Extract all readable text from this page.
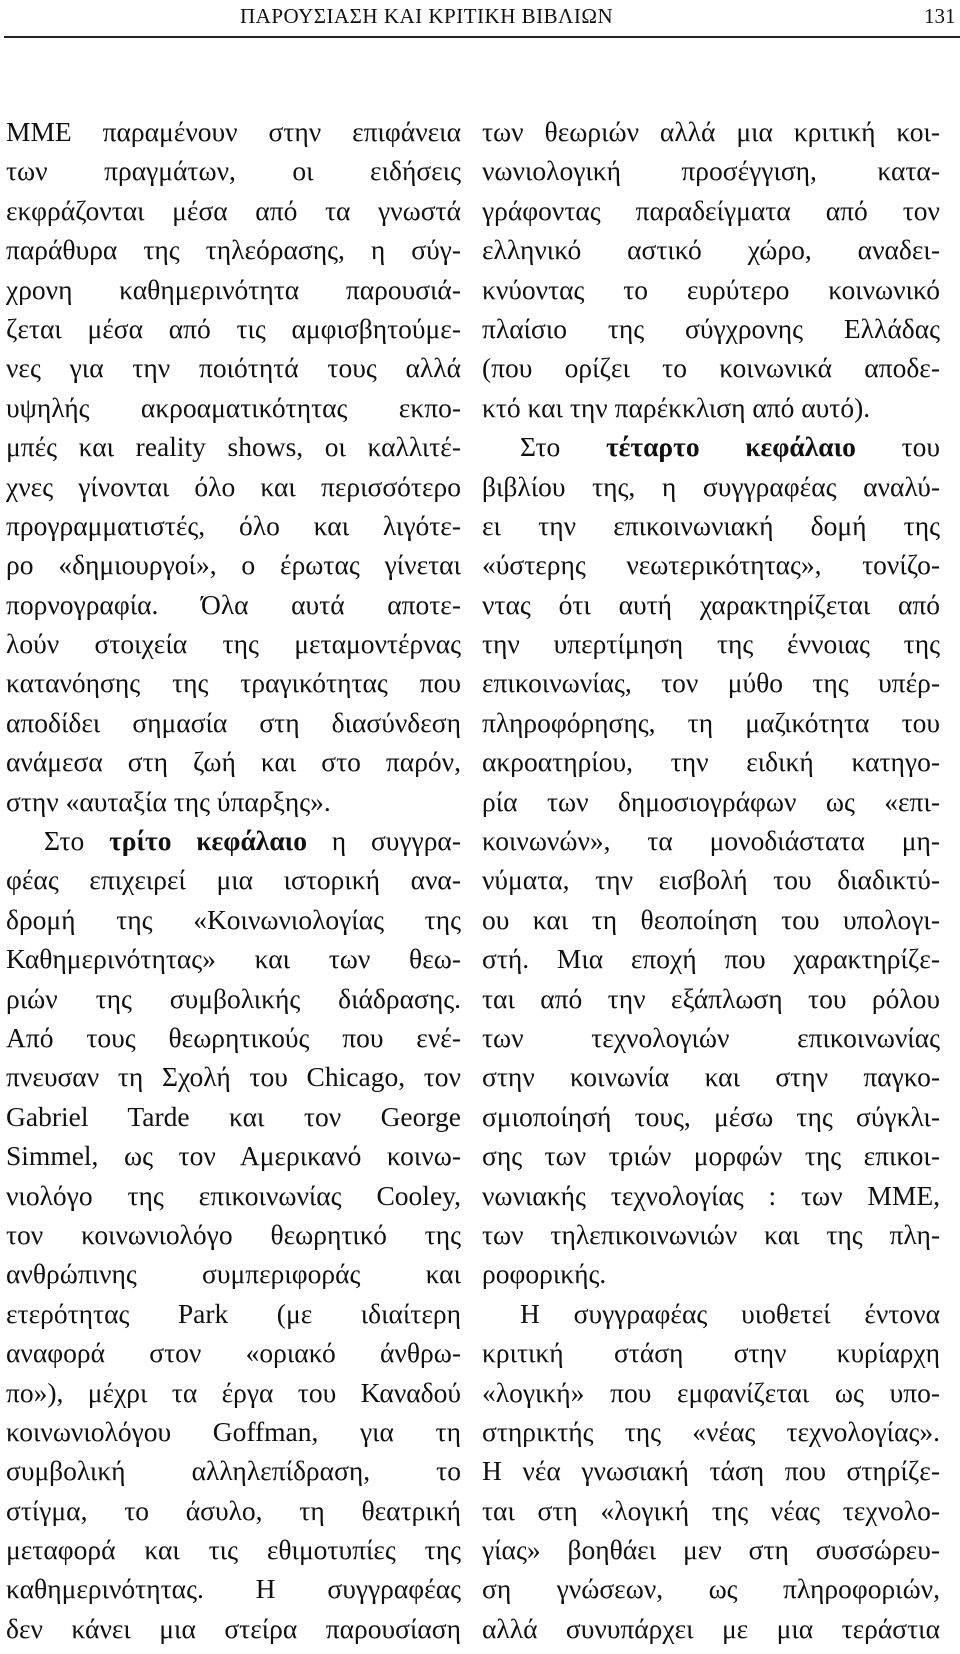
ΠΑΡΟΥΣΙΑΣΗ ΚΑΙ ΚΡΙΤΙΚΗ ΒΙΒΛΙΩΝ	131
ΜΜΕ παραμένουν στην επιφάνεια
των πραγμάτων, οι ειδήσεις
εκφράζονται μέσα από τα γνωστά
παράθυρα της τηλεόρασης, η σύγ-
χρονη καθημερινότητα παρουσιά-
ζεται μέσα από τις αμφισβητούμε-
νες για την ποιότητά τους αλλά
υψηλής ακροαματικότητας εκπο-
μπές και reality shows, οι καλλιτέ-
χνες γίνονται όλο και περισσότερο
προγραμματιστές, όλο και λιγότε-
ρο «δημιουργοί», ο έρωτας γίνεται
πορνογραφία. Όλα αυτά αποτε-
λούν στοιχεία της μεταμοντέρνας
κατανόησης της τραγικότητας που
αποδίδει σημασία στη διασύνδεση
ανάμεσα στη ζωή και στο παρόν,
στην «αυταξία της ύπαρξης».
Στο τρίτο κεφάλαιο η συγγρα-
φέας επιχειρεί μια ιστορική ανα-
δρομή της «Κοινωνιολογίας της
Καθημερινότητας» και των θεω-
ριών της συμβολικής διάδρασης.
Από τους θεωρητικούς που ενέ-
πνευσαν τη Σχολή του Chicago, τον
Gabriel Tarde και τον George
Simmel, ως τον Αμερικανό κοινω-
νιολόγο της επικοινωνίας Cooley,
τον κοινωνιολόγο θεωρητικό της
ανθρώπινης συμπεριφοράς και
ετερότητας Park (με ιδιαίτερη
αναφορά στον «οριακό άνθρω-
πο»), μέχρι τα έργα του Καναδού
κοινωνιολόγου Goffman, για τη
συμβολική αλληλεπίδραση, το
στίγμα, το άσυλο, τη θεατρική
μεταφορά και τις εθιμοτυπίες της
καθημερινότητας. Η συγγραφέας
δεν κάνει μια στείρα παρουσίαση
των θεωριών αλλά μια κριτική κοι-
νωνιολογική προσέγγιση, κατα-
γράφοντας παραδείγματα από τον
ελληνικό αστικό χώρο, αναδει-
κνύοντας το ευρύτερο κοινωνικό
πλαίσιο της σύγχρονης Ελλάδας
(που ορίζει το κοινωνικά αποδε-
κτό και την παρέκκλιση από αυτό).
Στο τέταρτο κεφάλαιο του
βιβλίου της, η συγγραφέας αναλύ-
ει την επικοινωνιακή δομή της
«ύστερης νεωτερικότητας», τονίζο-
ντας ότι αυτή χαρακτηρίζεται από
την υπερτίμηση της έννοιας της
επικοινωνίας, τον μύθο της υπέρ-
πληροφόρησης, τη μαζικότητα του
ακροατηρίου, την ειδική κατηγο-
ρία των δημοσιογράφων ως «επι-
κοινωνών», τα μονοδιάστατα μη-
νύματα, την εισβολή του διαδικτύ-
ου και τη θεοποίηση του υπολογι-
στή. Μια εποχή που χαρακτηρίζε-
ται από την εξάπλωση του ρόλου
των τεχνολογιών επικοινωνίας
στην κοινωνία και στην παγκο-
σμιοποίησή τους, μέσω της σύγκλι-
σης των τριών μορφών της επικοι-
νωνιακής τεχνολογίας : των ΜΜΕ,
των τηλεπικοινωνιών και της πλη-
ροφορικής.
Η συγγραφέας υιοθετεί έντονα
κριτική στάση στην κυρίαρχη
«λογική» που εμφανίζεται ως υπο-
στηρικτής της «νέας τεχνολογίας».
Η νέα γνωσιακή τάση που στηρίζε-
ται στη «λογική της νέας τεχνολο-
γίας» βοηθάει μεν στη συσσώρευ-
ση γνώσεων, ως πληροφοριών,
αλλά συνυπάρχει με μια τεράστια
